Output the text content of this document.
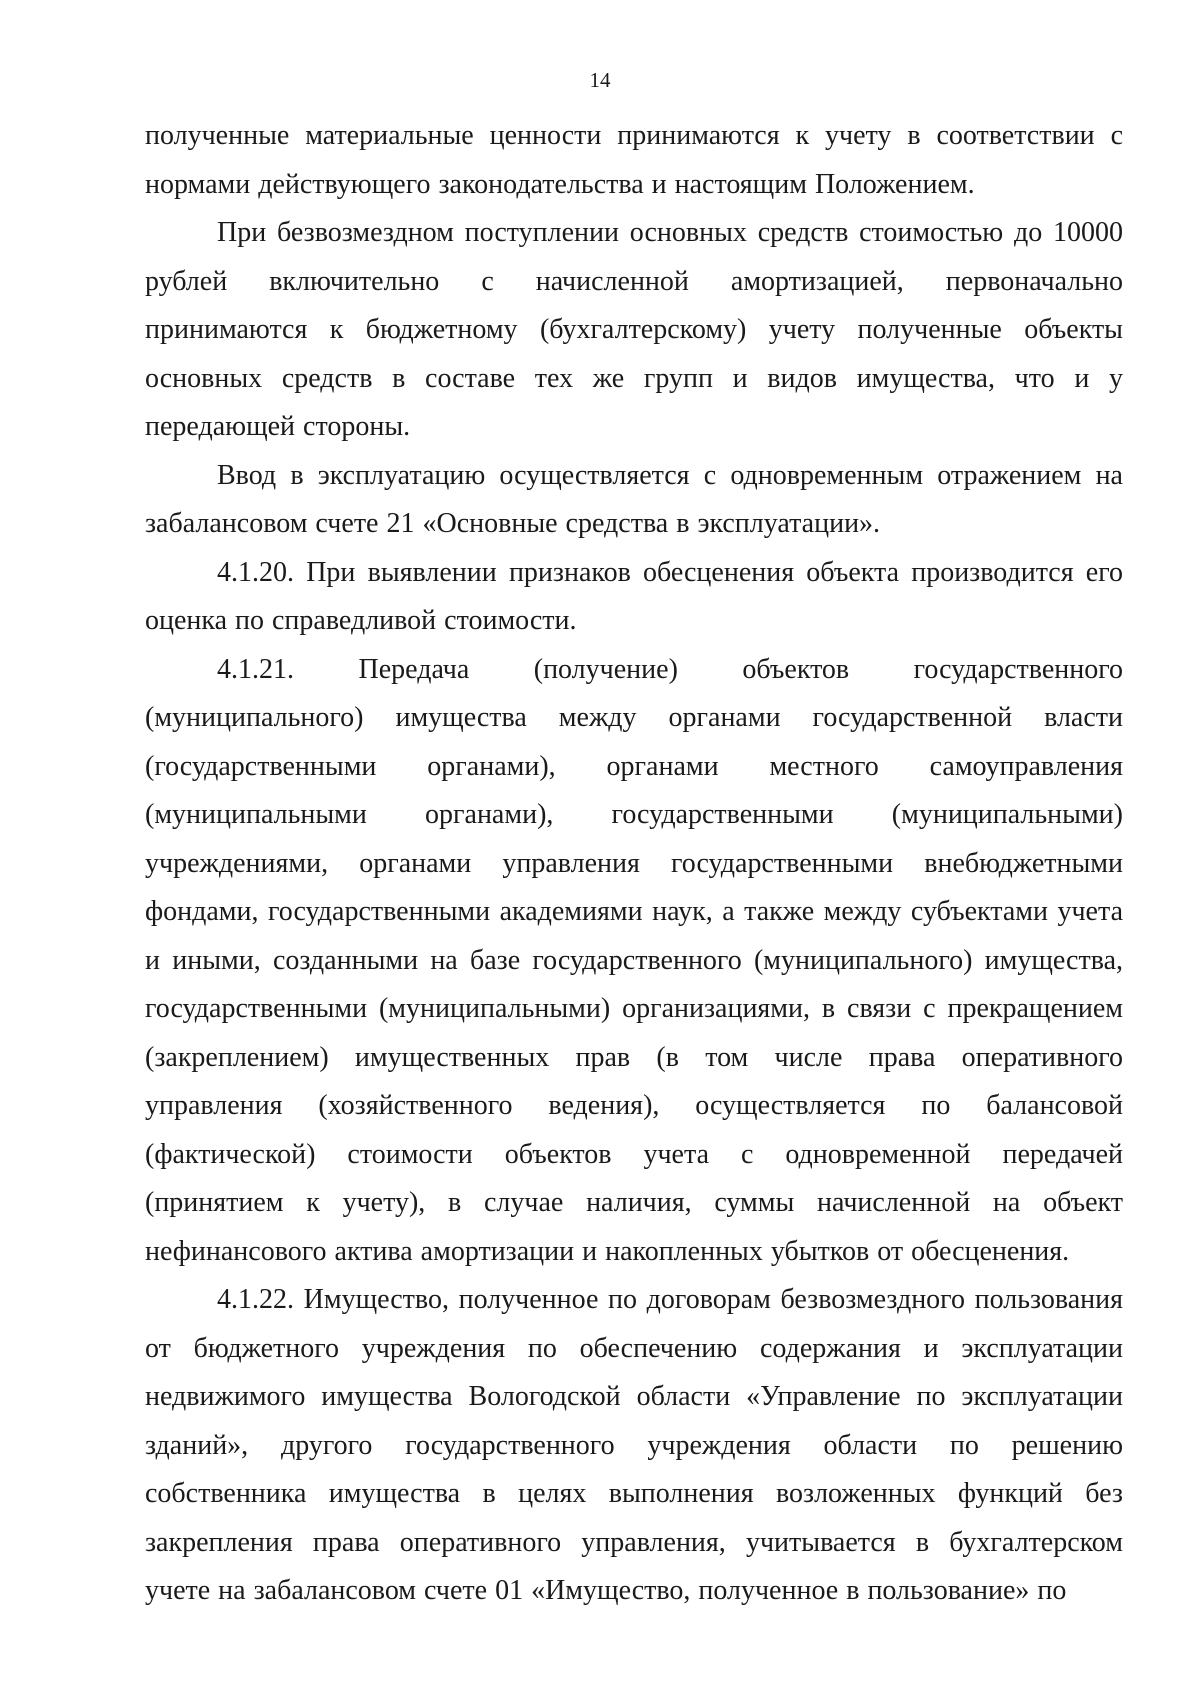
14

полученные материальные ценности принимаются к учету в соответствии с нормами действующего законодательства и настоящим Положением.

При безвозмездном поступлении основных средств стоимостью до 10000 рублей включительно с начисленной амортизацией, первоначально принимаются к бюджетному (бухгалтерскому) учету полученные объекты основных средств в составе тех же групп и видов имущества, что и у передающей стороны.

Ввод в эксплуатацию осуществляется с одновременным отражением на забалансовом счете 21 «Основные средства в эксплуатации».

4.1.20. При выявлении признаков обесценения объекта производится его оценка по справедливой стоимости.

4.1.21. Передача (получение) объектов государственного (муниципального) имущества между органами государственной власти (государственными органами), органами местного самоуправления (муниципальными органами), государственными (муниципальными) учреждениями, органами управления государственными внебюджетными фондами, государственными академиями наук, а также между субъектами учета и иными, созданными на базе государственного (муниципального) имущества, государственными (муниципальными) организациями, в связи с прекращением (закреплением) имущественных прав (в том числе права оперативного управления (хозяйственного ведения), осуществляется по балансовой (фактической) стоимости объектов учета с одновременной передачей (принятием к учету), в случае наличия, суммы начисленной на объект нефинансового актива амортизации и накопленных убытков от обесценения.

4.1.22. Имущество, полученное по договорам безвозмездного пользования от бюджетного учреждения по обеспечению содержания и эксплуатации недвижимого имущества Вологодской области «Управление по эксплуатации зданий», другого государственного учреждения области по решению собственника имущества в целях выполнения возложенных функций без закрепления права оперативного управления, учитывается в бухгалтерском учете на забалансовом счете 01 «Имущество, полученное в пользование» по
